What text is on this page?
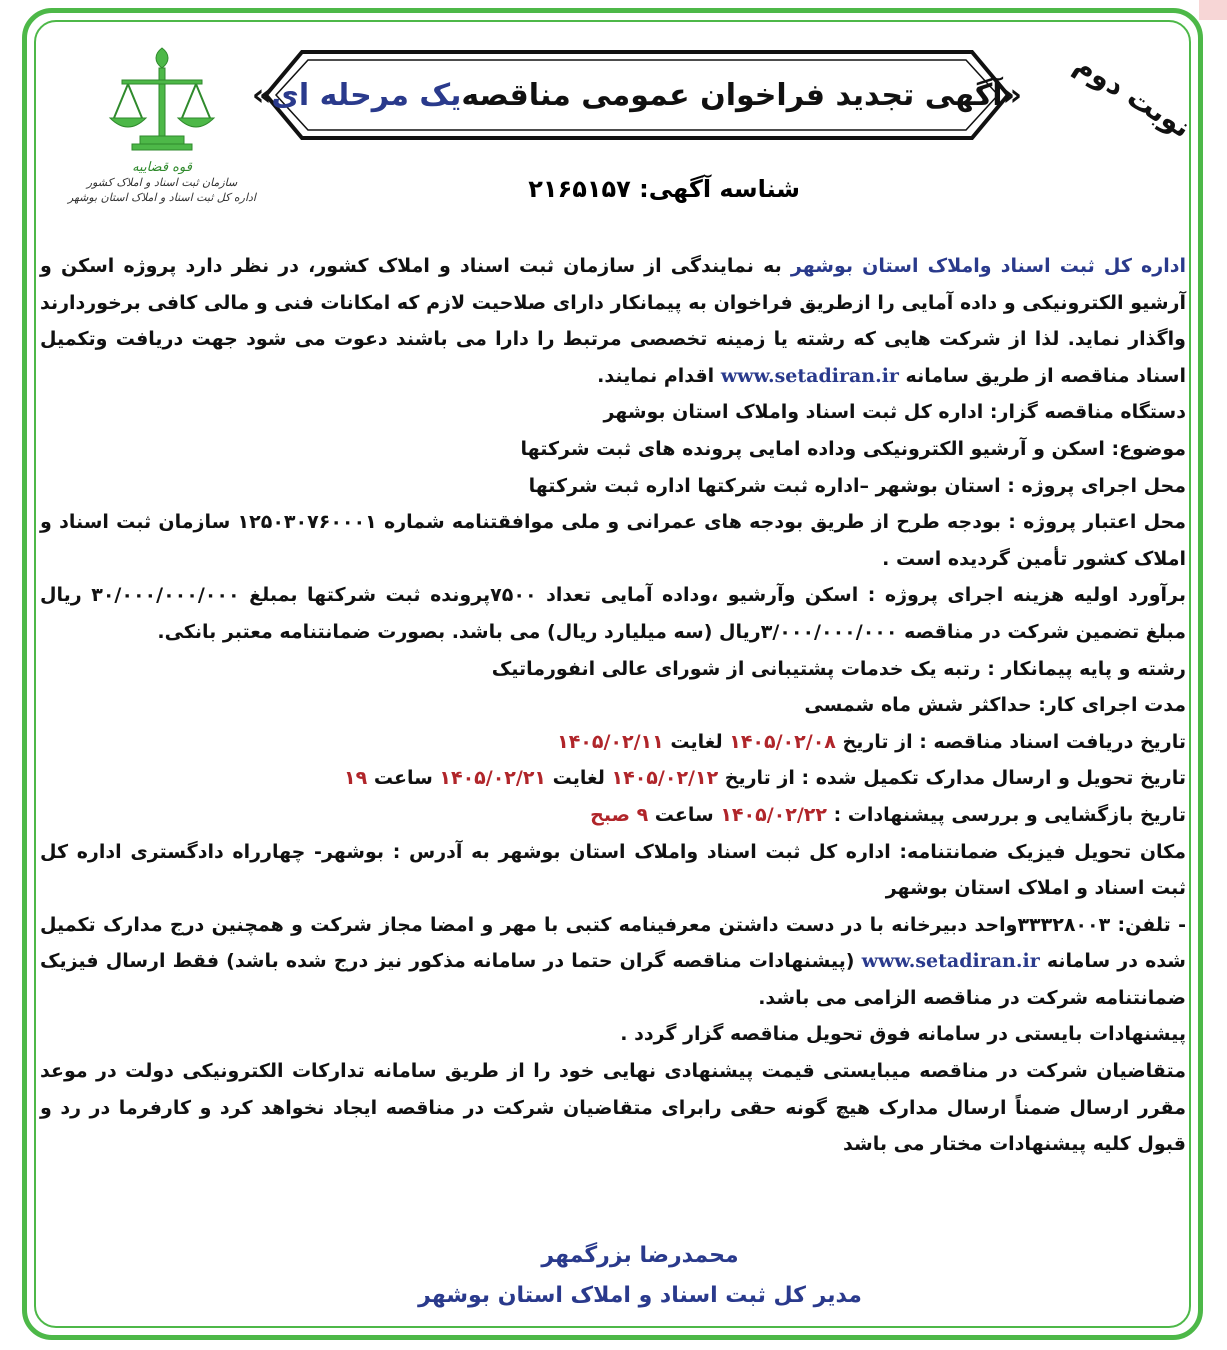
قوه قضاییه
سازمان ثبت اسناد و املاک کشور
اداره کل ثبت اسناد و املاک استان بوشهر
«آگهی تجدید فراخوان عمومی مناقصه
یک مرحله ای
»	نوبت دوم
شناسه آگهی: ۲۱۶۵۱۵۷

اداره کل ثبت اسناد واملاک استان بوشهر به نمایندگی از سازمان ثبت اسناد و املاک کشور، در نظر دارد پروژه اسکن و آرشیو الکترونیکی و داده آمایی را ازطریق فراخوان به پیمانکار دارای صلاحیت لازم که امکانات فنی و مالی کافی برخوردارند واگذار نماید. لذا از شرکت هایی که رشته یا زمینه تخصصی مرتبط را دارا می باشند دعوت می شود جهت دریافت وتکمیل اسناد مناقصه از طریق سامانه www.setadiran.ir اقدام نمایند.

دستگاه مناقصه گزار: اداره کل ثبت اسناد واملاک استان بوشهر

موضوع: اسکن و آرشیو الکترونیکی وداده امایی پرونده های ثبت شرکتها

محل اجرای پروژه : استان بوشهر –اداره ثبت شرکتها اداره ثبت شرکتها

محل اعتبار پروژه : بودجه طرح از طریق بودجه های عمرانی و ملی موافقتنامه شماره ۱۲۵۰۳۰۷۶۰۰۰۱ سازمان ثبت اسناد و املاک کشور تأمین گردیده است .

برآورد اولیه هزینه اجرای پروژه : اسکن وآرشیو ،وداده آمایی تعداد ۷۵۰۰پرونده ثبت شرکتها بمبلغ ۳۰/۰۰۰/۰۰۰/۰۰۰ ریال مبلغ تضمین شرکت در مناقصه ۳/۰۰۰/۰۰۰/۰۰۰ریال (سه میلیارد ریال) می باشد. بصورت ضمانتنامه معتبر بانکی.

رشته و پایه پیمانکار : رتبه یک خدمات پشتیبانی از شورای عالی انفورماتیک

مدت اجرای کار: حداکثر شش ماه شمسی

تاریخ دریافت اسناد مناقصه : از تاریخ ۱۴۰۵/۰۲/۰۸ لغایت ۱۴۰۵/۰۲/۱۱

تاریخ تحویل و ارسال مدارک تکمیل شده : از تاریخ ۱۴۰۵/۰۲/۱۲ لغایت ۱۴۰۵/۰۲/۲۱ ساعت ۱۹

تاریخ بازگشایی و بررسی پیشنهادات : ۱۴۰۵/۰۲/۲۲ ساعت ۹ صبح

مکان تحویل فیزیک ضمانتنامه: اداره کل ثبت اسناد واملاک استان بوشهر به آدرس : بوشهر- چهارراه دادگستری اداره کل ثبت اسناد و املاک استان بوشهر

- تلفن: ۳۳۳۲۸۰۰۳واحد دبیرخانه با در دست داشتن معرفینامه کتبی با مهر و امضا مجاز شرکت و همچنین درج مدارک تکمیل شده در سامانه www.setadiran.ir (پیشنهادات مناقصه گران حتما در سامانه مذکور نیز درج شده باشد) فقط ارسال فیزیک ضمانتنامه شرکت در مناقصه الزامی می باشد.

پیشنهادات بایستی در سامانه فوق تحویل مناقصه گزار گردد .

متقاضیان شرکت در مناقصه میبایستی قیمت پیشنهادی نهایی خود را از طریق سامانه تدارکات الکترونیکی دولت در موعد مقرر ارسال ضمناً ارسال مدارک هیچ گونه حقی رابرای متقاضیان شرکت در مناقصه ایجاد نخواهد کرد و کارفرما در رد و قبول کلیه پیشنهادات مختار می باشد

محمدرضا بزرگمهر
مدیر کل ثبت اسناد و املاک استان بوشهر
